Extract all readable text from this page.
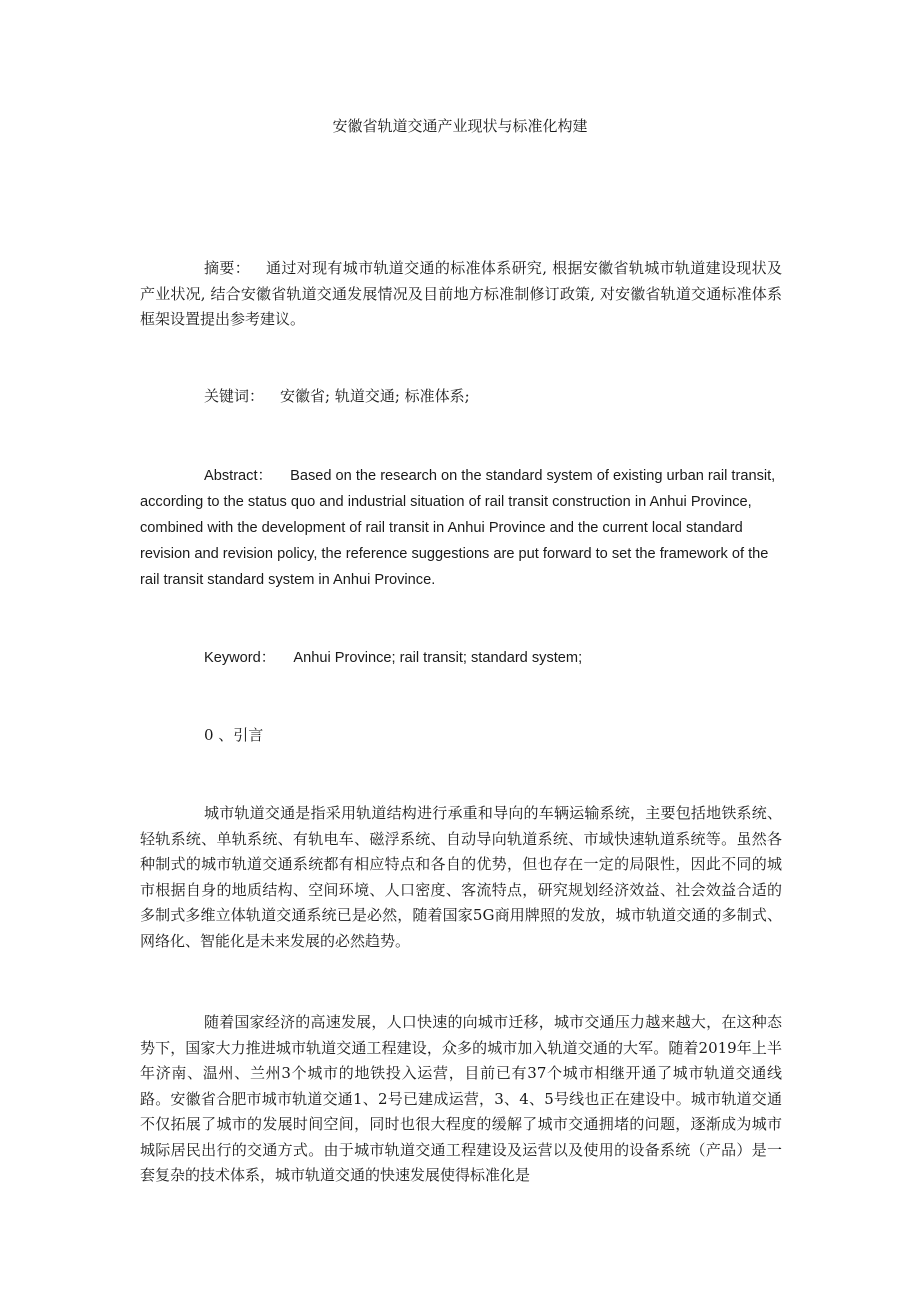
安徽省轨道交通产业现状与标准化构建

摘要： 通过对现有城市轨道交通的标准体系研究, 根据安徽省轨城市轨道建设现状及产业状况, 结合安徽省轨道交通发展情况及目前地方标准制修订政策, 对安徽省轨道交通标准体系框架设置提出参考建议。

关键词： 安徽省; 轨道交通; 标准体系;

Abstract： Based on the research on the standard system of existing urban rail transit, according to the status quo and industrial situation of rail transit construction in Anhui Province, combined with the development of rail transit in Anhui Province and the current local standard revision and revision policy, the reference suggestions are put forward to set the framework of the rail transit standard system in Anhui Province.

Keyword： Anhui Province; rail transit; standard system;

0 、引言

城市轨道交通是指采用轨道结构进行承重和导向的车辆运输系统，主要包括地铁系统、轻轨系统、单轨系统、有轨电车、磁浮系统、自动导向轨道系统、市域快速轨道系统等。虽然各种制式的城市轨道交通系统都有相应特点和各自的优势，但也存在一定的局限性，因此不同的城市根据自身的地质结构、空间环境、人口密度、客流特点，研究规划经济效益、社会效益合适的多制式多维立体轨道交通系统已是必然，随着国家5G商用牌照的发放，城市轨道交通的多制式、网络化、智能化是未来发展的必然趋势。

随着国家经济的高速发展，人口快速的向城市迁移，城市交通压力越来越大，在这种态势下，国家大力推进城市轨道交通工程建设，众多的城市加入轨道交通的大军。随着2019年上半年济南、温州、兰州3个城市的地铁投入运营，目前已有37个城市相继开通了城市轨道交通线路。安徽省合肥市城市轨道交通1、2号已建成运营，3、4、5号线也正在建设中。城市轨道交通不仅拓展了城市的发展时间空间，同时也很大程度的缓解了城市交通拥堵的问题，逐渐成为城市城际居民出行的交通方式。由于城市轨道交通工程建设及运营以及使用的设备系统（产品）是一套复杂的技术体系，城市轨道交通的快速发展使得标准化是
